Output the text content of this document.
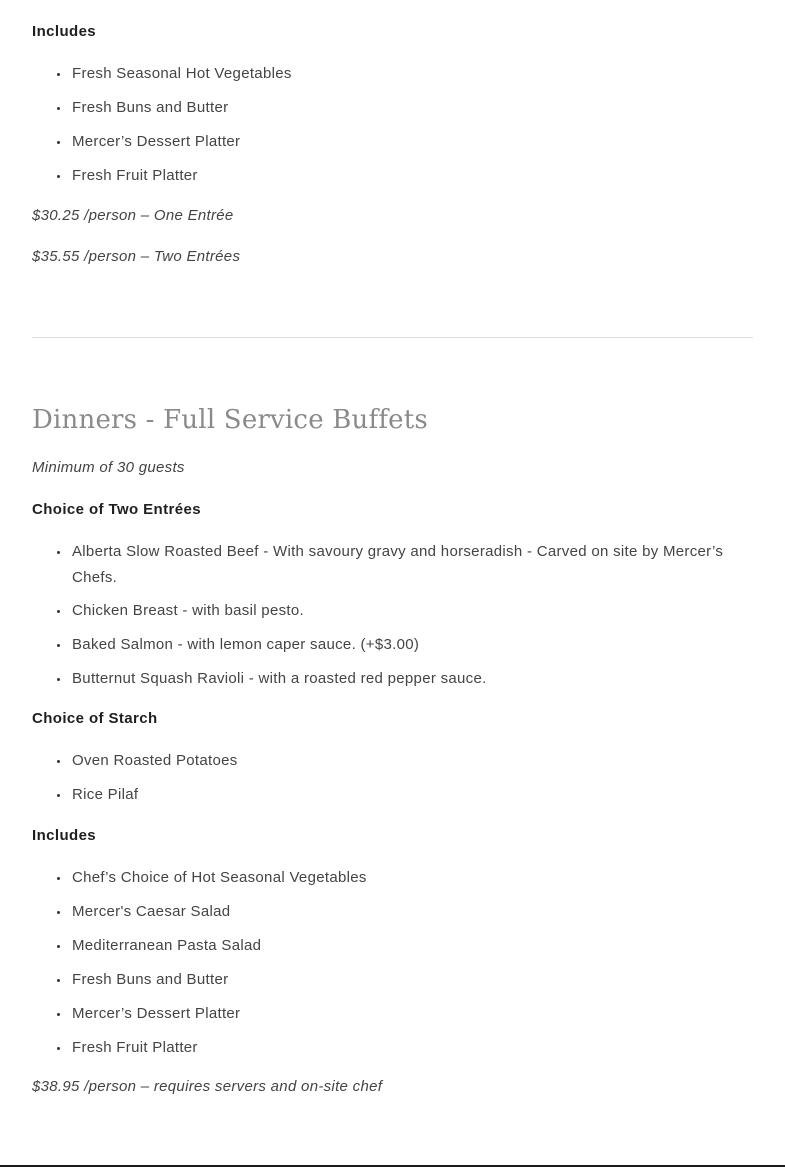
Includes
Fresh Seasonal Hot Vegetables
Fresh Buns and Butter
Mercer’s Dessert Platter
Fresh Fruit Platter

$30.25 /person – One Entrée

$35.55 /person – Two Entrées

Dinners - Full Service Buffets

Minimum of 30 guests

Choice of Two Entrées
Alberta Slow Roasted Beef - With savoury gravy and horseradish - Carved on site by Mercer’s Chefs.
Chicken Breast - with basil pesto.
Baked Salmon - with lemon caper sauce. (+$3.00)
Butternut Squash Ravioli - with a roasted red pepper sauce.
Choice of Starch
Oven Roasted Potatoes
Rice Pilaf
Includes
Chef’s Choice of Hot Seasonal Vegetables
Mercer's Caesar Salad
Mediterranean Pasta Salad
Fresh Buns and Butter
Mercer’s Dessert Platter
Fresh Fruit Platter

$38.95 /person – requires servers and on-site chef
